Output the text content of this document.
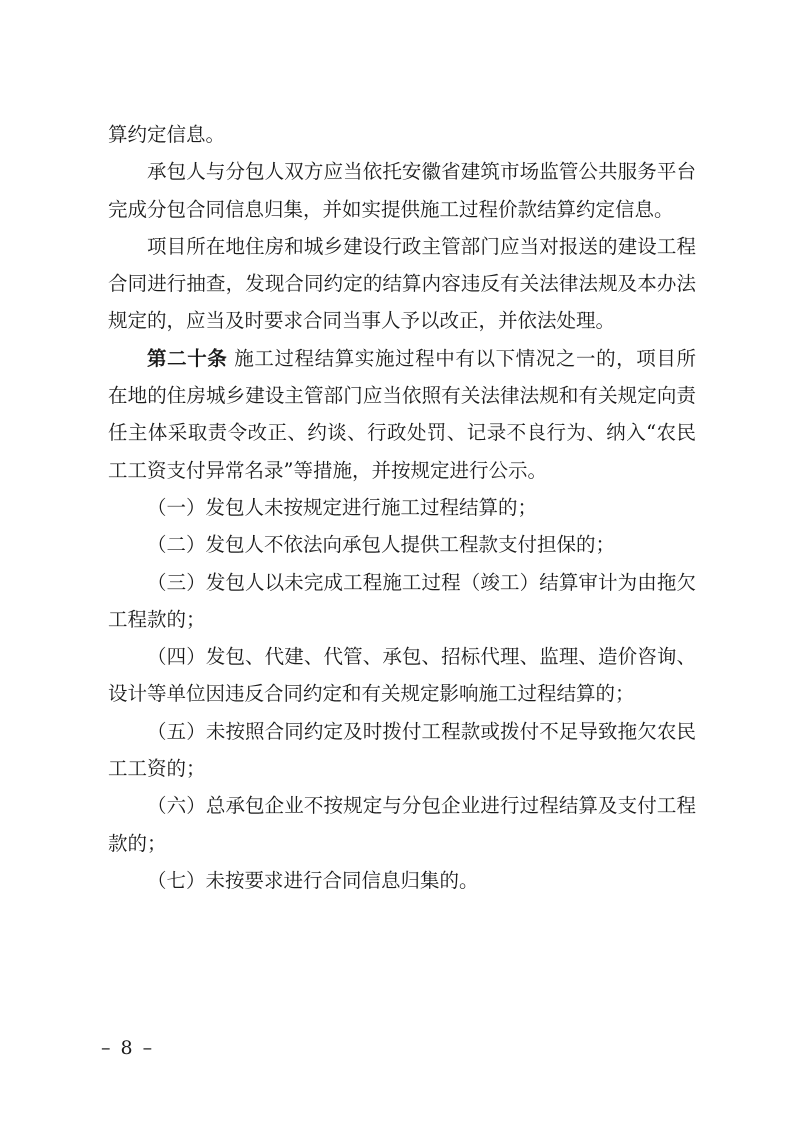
算约定信息。

承包人与分包人双方应当依托安徽省建筑市场监管公共服务平台完成分包合同信息归集，并如实提供施工过程价款结算约定信息。

项目所在地住房和城乡建设行政主管部门应当对报送的建设工程合同进行抽查，发现合同约定的结算内容违反有关法律法规及本办法规定的，应当及时要求合同当事人予以改正，并依法处理。

第二十条 施工过程结算实施过程中有以下情况之一的，项目所在地的住房城乡建设主管部门应当依照有关法律法规和有关规定向责任主体采取责令改正、约谈、行政处罚、记录不良行为、纳入“农民工工资支付异常名录”等措施，并按规定进行公示。

（一）发包人未按规定进行施工过程结算的；

（二）发包人不依法向承包人提供工程款支付担保的；

（三）发包人以未完成工程施工过程（竣工）结算审计为由拖欠工程款的；

（四）发包、代建、代管、承包、招标代理、监理、造价咨询、设计等单位因违反合同约定和有关规定影响施工过程结算的；

（五）未按照合同约定及时拨付工程款或拨付不足导致拖欠农民工工资的；

（六）总承包企业不按规定与分包企业进行过程结算及支付工程款的；

（七）未按要求进行合同信息归集的。

– 8 –
